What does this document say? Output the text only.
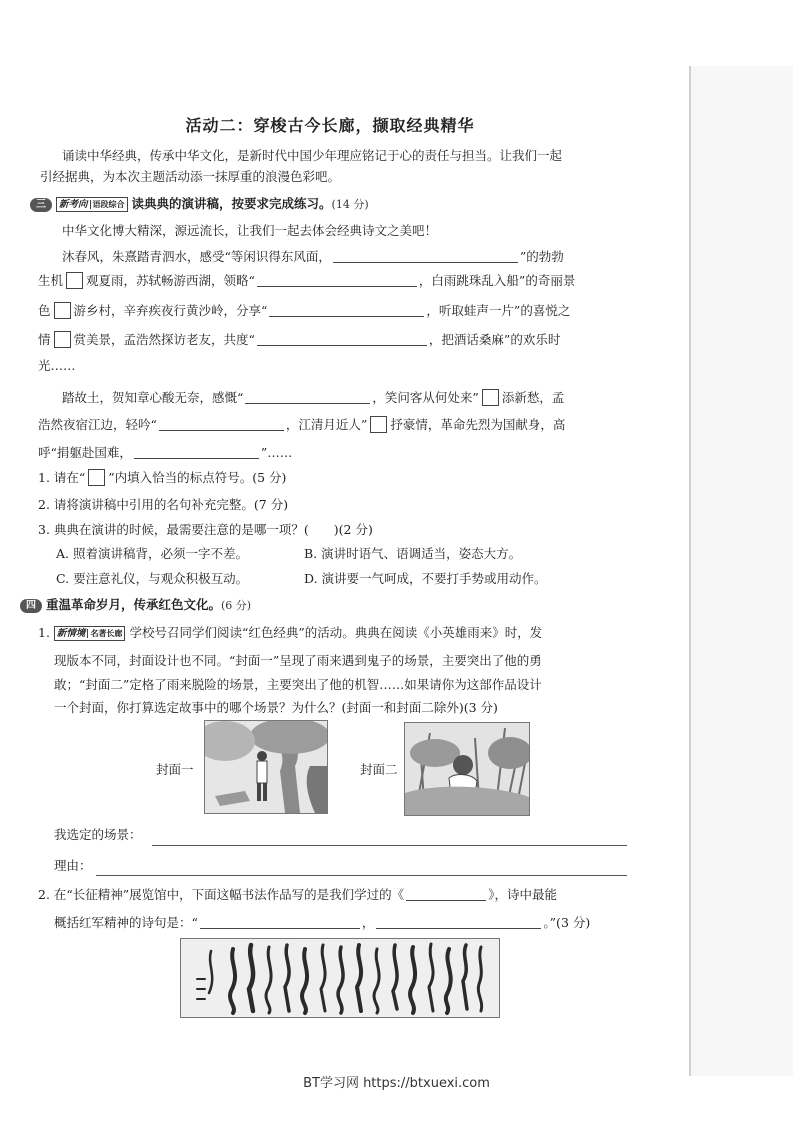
活动二：穿梭古今长廊，撷取经典精华
诵读中华经典，传承中华文化，是新时代中国少年理应铭记于心的责任与担当。让我们一起
引经据典，为本次主题活动添一抹厚重的浪漫色彩吧。
三 新考向 语段综合 读典典的演讲稿，按要求完成练习。(14 分)
中华文化博大精深，源远流长，让我们一起去体会经典诗文之美吧！
沐春风，朱熹踏青泗水，感受“等闲识得东风面，	”的勃勃
生机 观夏雨，苏轼畅游西湖，领略“	，白雨跳珠乱入船”的奇丽景
色 游乡村，辛弃疾夜行黄沙岭，分享“	，听取蛙声一片”的喜悦之
情 赏美景，孟浩然探访老友，共度“	，把酒话桑麻”的欢乐时
光……
踏故土，贺知章心酸无奈，感慨“	，笑问客从何处来” 添新愁，孟
浩然夜宿江边，轻吟“	，江清月近人” 抒豪情，革命先烈为国献身，高
呼“捐躯赴国难，	”……
1. 请在“ ”内填入恰当的标点符号。(5 分)
2. 请将演讲稿中引用的名句补充完整。(7 分)
3. 典典在演讲的时候，最需要注意的是哪一项？(　　)(2 分)
A. 照着演讲稿背，必须一字不差。	B. 演讲时语气、语调适当，姿态大方。
C. 要注意礼仪，与观众积极互动。	D. 演讲要一气呵成，不要打手势或用动作。
四 重温革命岁月，传承红色文化。(6 分)
1. 新情境 名著长廊 学校号召同学们阅读“红色经典”的活动。典典在阅读《小英雄雨来》时，发
现版本不同，封面设计也不同。“封面一”呈现了雨来遇到鬼子的场景，主要突出了他的勇
敢；“封面二”定格了雨来脱险的场景，主要突出了他的机智……如果请你为这部作品设计
一个封面，你打算选定故事中的哪个场景？为什么？(封面一和封面二除外)(3 分)
封面一	封面二
我选定的场景：
理由：
2. 在“长征精神”展览馆中，下面这幅书法作品写的是我们学过的《	》，诗中最能
概括红军精神的诗句是：“	，	。”(3 分)
BT学习网 https://btxuexi.com
